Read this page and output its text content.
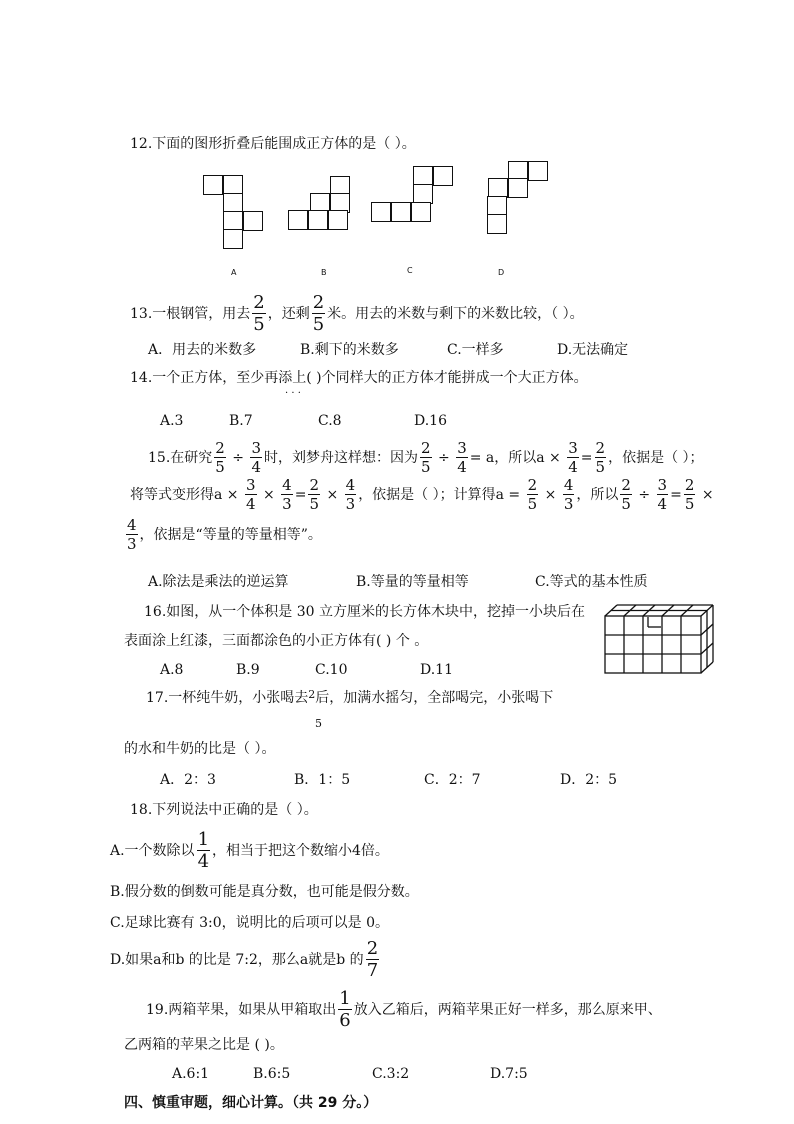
12.下面的图形折叠后能围成正方体的是（ ）。
A	B	C	D
13.一根钢管，用去 $\frac{2}{5}$ ，还剩 $\frac{2}{5}$ 米。用去的米数与剩下的米数比较，（ ）。
A．用去的米数多	B.剩下的米数多	C.一样多	D.无法确定
14.一个正方体，至少再添上( )个同样大的正方体才能拼成一个大正方体。
· · ·
A.3	B.7	C.8	D.16
15.在研究 $\frac{2}{5} \div \frac{3}{4}$ 时，刘梦舟这样想：因为 $\frac{2}{5} \div \frac{3}{4} = a$，所以$a \times \frac{3}{4} = \frac{2}{5}$ ，依据是（ ）；
将等式变形得$a \times \frac{3}{4} \times \frac{4}{3} = \frac{2}{5} \times \frac{4}{3}$ ，依据是（ ）；计算得$a = \frac{2}{5} \times \frac{4}{3}$ ，所以 $\frac{2}{5} \div \frac{3}{4} = \frac{2}{5}$ ×
$\frac{4}{3}$ ，依据是“等量的等量相等”。
A.除法是乘法的逆运算	B.等量的等量相等	C.等式的基本性质
16.如图，从一个体积是 30 立方厘米的长方体木块中，挖掉一小块后在
表面涂上红漆，三面都涂色的小正方体有( ) 个 。
A.8	B.9	C.10	D.11
17.一杯纯牛奶，小张喝去$^2$后，加满水摇匀，全部喝完，小张喝下
5
的水和牛奶的比是（ ）。
A．2：3	B．1：5	C．2：7	D．2：5
18.下列说法中正确的是（ ）。
A.一个数除以 $\frac{1}{4}$ ，相当于把这个数缩小4倍。
B.假分数的倒数可能是真分数，也可能是假分数。
C.足球比赛有 3:0，说明比的后项可以是 0。
D.如果a和b 的比是 7:2，那么a就是b 的 $\frac{2}{7}$
19.两箱苹果，如果从甲箱取出 $\frac{1}{6}$ 放入乙箱后，两箱苹果正好一样多，那么原来甲、
乙两箱的苹果之比是 ( )。
A.6:1	B.6:5	C.3:2	D.7:5
四、慎重审题，细心计算。（共 29 分。）
